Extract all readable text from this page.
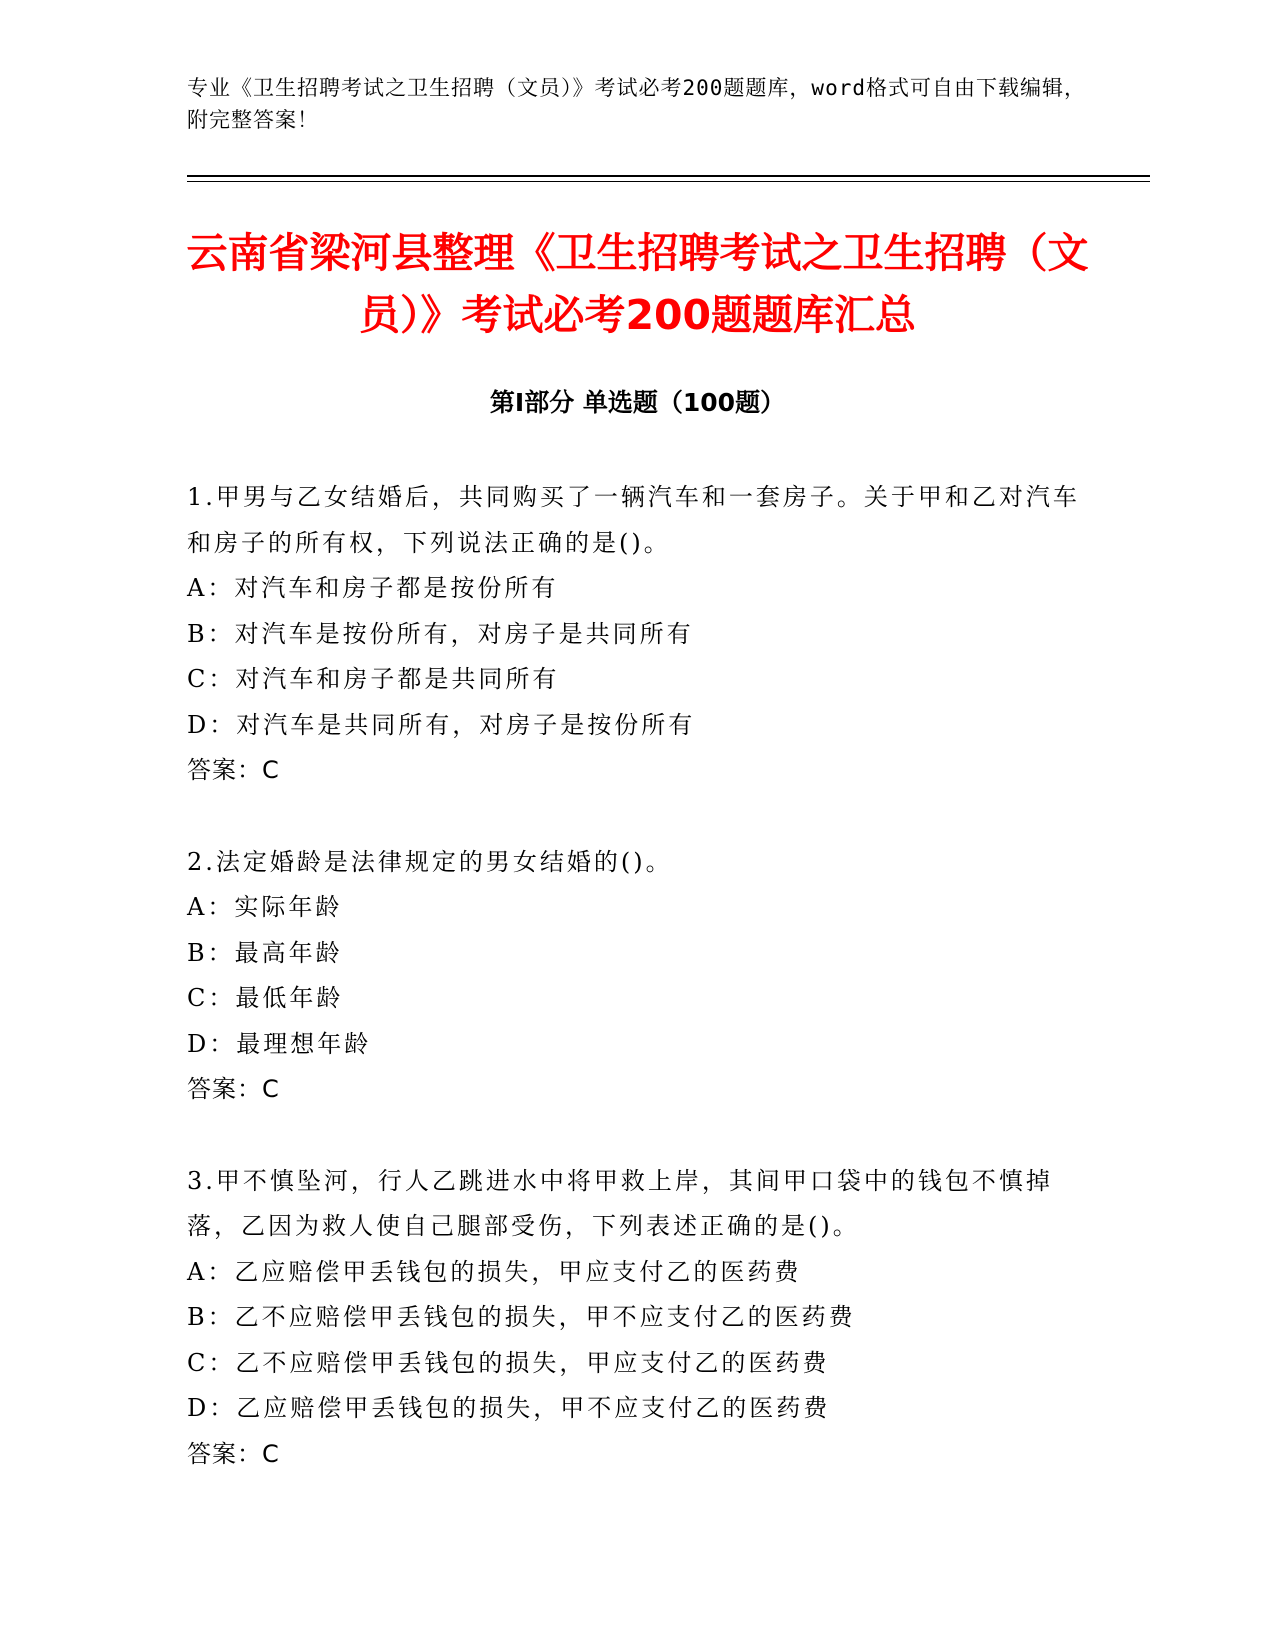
专业《卫生招聘考试之卫生招聘（文员）》考试必考200题题库，word格式可自由下载编辑，附完整答案！
云南省梁河县整理《卫生招聘考试之卫生招聘（文员）》考试必考200题题库汇总
第Ⅰ部分 单选题（100题）
1.甲男与乙女结婚后，共同购买了一辆汽车和一套房子。关于甲和乙对汽车和房子的所有权，下列说法正确的是()。
A：对汽车和房子都是按份所有
B：对汽车是按份所有，对房子是共同所有
C：对汽车和房子都是共同所有
D：对汽车是共同所有，对房子是按份所有
答案：C
2.法定婚龄是法律规定的男女结婚的()。
A：实际年龄
B：最高年龄
C：最低年龄
D：最理想年龄
答案：C
3.甲不慎坠河，行人乙跳进水中将甲救上岸，其间甲口袋中的钱包不慎掉落，乙因为救人使自己腿部受伤，下列表述正确的是()。
A：乙应赔偿甲丢钱包的损失，甲应支付乙的医药费
B：乙不应赔偿甲丢钱包的损失，甲不应支付乙的医药费
C：乙不应赔偿甲丢钱包的损失，甲应支付乙的医药费
D：乙应赔偿甲丢钱包的损失，甲不应支付乙的医药费
答案：C
